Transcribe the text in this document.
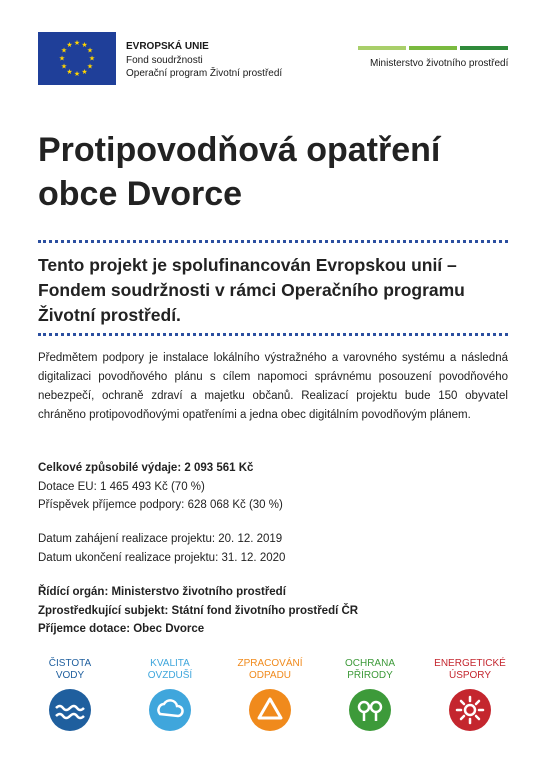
★ ★
★
★
★
★
★
★
★
★
★
★	EVROPSKÁ UNIE
Fond soudržnosti
Operační program Životní prostředí
Ministerstvo životního prostředí
Protipovodňová opatření obce Dvorce

Tento projekt je spolufinancován Evropskou unií – Fondem soudržnosti v rámci Operačního programu Životní prostředí.

Předmětem podpory je instalace lokálního výstražného a varovného systému a následná digitalizaci povodňového plánu s cílem napomoci správnému posouzení povodňového nebezpečí, ochraně zdraví a majetku občanů. Realizací projektu bude 150 obyvatel chráněno protipovodňovými opatřeními a jedna obec digitálním povodňovým plánem.

Celkové způsobilé výdaje: 2 093 561 Kč
Dotace EU: 1 465 493 Kč (70 %)
Příspěvek příjemce podpory: 628 068 Kč (30 %)
Datum zahájení realizace projektu: 20. 12. 2019
Datum ukončení realizace projektu: 31. 12. 2020
Řídící orgán: Ministerstvo životního prostředí
Zprostředkující subjekt: Státní fond životního prostředí ČR
Příjemce dotace: Obec Dvorce
ČISTOTA
VODY
KVALITA
OVZDUŠÍ
ZPRACOVÁNÍ
ODPADU
OCHRANA
PŘÍRODY
ENERGETICKÉ
ÚSPORY
